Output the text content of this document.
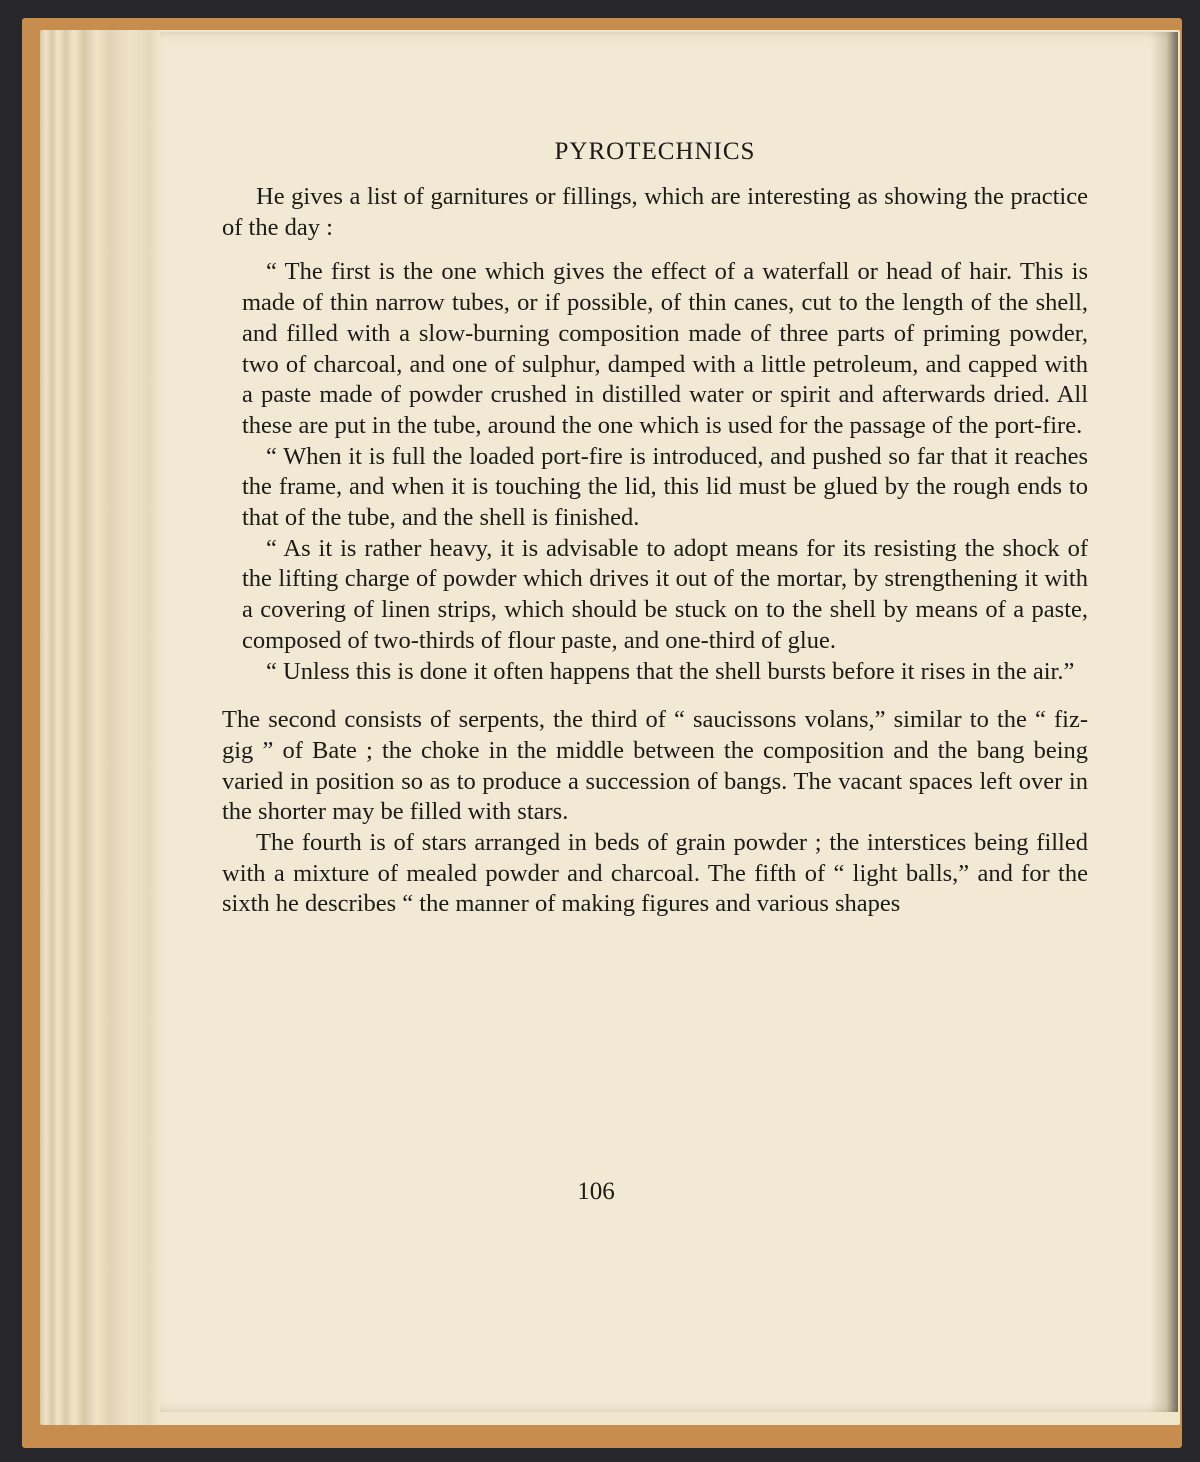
PYROTECHNICS

He gives a list of garnitures or fillings, which are interesting as showing the practice of the day :

“ The first is the one which gives the effect of a waterfall or head of hair. This is made of thin narrow tubes, or if possible, of thin canes, cut to the length of the shell, and filled with a slow-burning composition made of three parts of priming powder, two of charcoal, and one of sulphur, damped with a little petroleum, and capped with a paste made of powder crushed in distilled water or spirit and afterwards dried. All these are put in the tube, around the one which is used for the passage of the port-fire.

“ When it is full the loaded port-fire is introduced, and pushed so far that it reaches the frame, and when it is touching the lid, this lid must be glued by the rough ends to that of the tube, and the shell is finished.

“ As it is rather heavy, it is advisable to adopt means for its resisting the shock of the lifting charge of powder which drives it out of the mortar, by strengthening it with a covering of linen strips, which should be stuck on to the shell by means of a paste, composed of two-thirds of flour paste, and one-third of glue.

“ Unless this is done it often happens that the shell bursts before it rises in the air.”

The second consists of serpents, the third of “ saucissons volans,” similar to the “ fiz-gig ” of Bate ; the choke in the middle between the composition and the bang being varied in position so as to produce a succession of bangs. The vacant spaces left over in the shorter may be filled with stars.

The fourth is of stars arranged in beds of grain powder ; the interstices being filled with a mixture of mealed powder and charcoal. The fifth of “ light balls,” and for the sixth he describes “ the manner of making figures and various shapes

106
